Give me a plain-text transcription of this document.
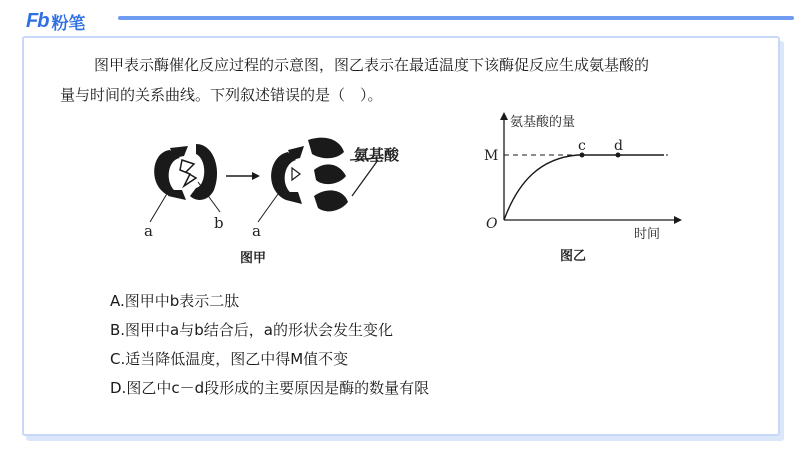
Fb 粉笔
图甲表示酶催化反应过程的示意图，图乙表示在最适温度下该酶促反应生成氨基酸的
量与时间的关系曲线。下列叙述错误的是（　）。
a	b a
氨基酸
图甲
氨基酸的量
时间
O
M
c d
图乙
A.图甲中b表示二肽
B.图甲中a与b结合后，a的形状会发生变化
C.适当降低温度，图乙中得M值不变
D.图乙中c－d段形成的主要原因是酶的数量有限
